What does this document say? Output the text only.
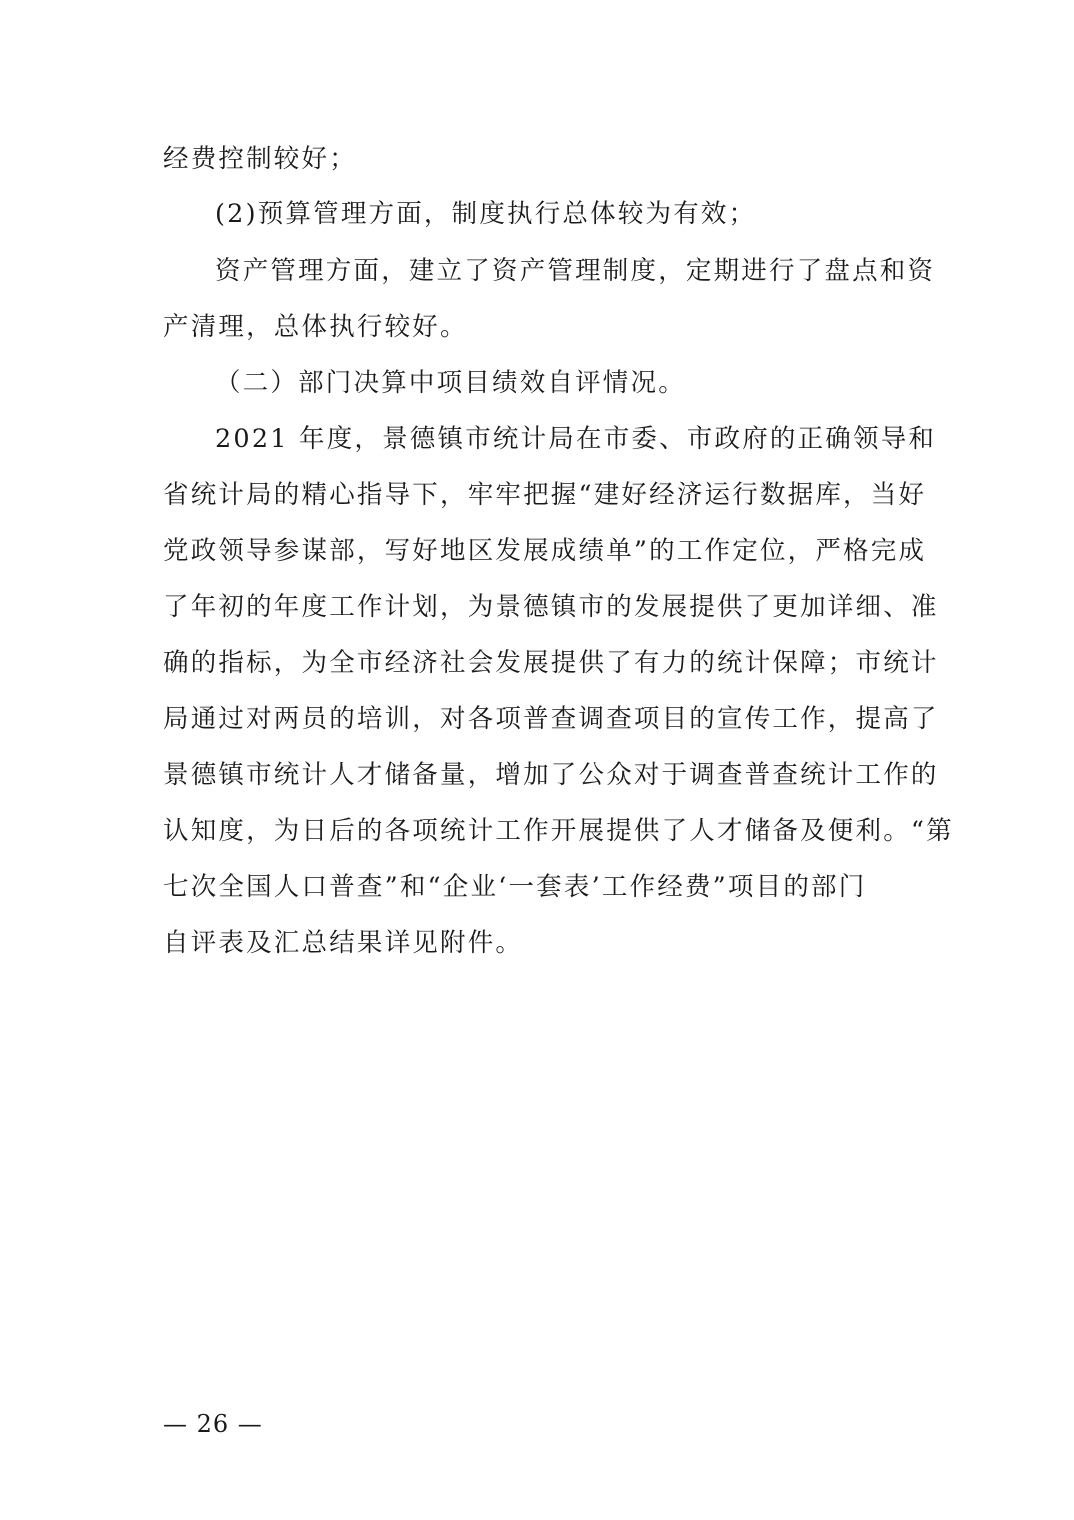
经费控制较好；
(2)预算管理方面，制度执行总体较为有效；
资产管理方面，建立了资产管理制度，定期进行了盘点和资
产清理，总体执行较好。
（二）部门决算中项目绩效自评情况。
2021 年度，景德镇市统计局在市委、市政府的正确领导和
省统计局的精心指导下，牢牢把握“建好经济运行数据库，当好
党政领导参谋部，写好地区发展成绩单”的工作定位，严格完成
了年初的年度工作计划，为景德镇市的发展提供了更加详细、准
确的指标，为全市经济社会发展提供了有力的统计保障；市统计
局通过对两员的培训，对各项普查调查项目的宣传工作，提高了
景德镇市统计人才储备量，增加了公众对于调查普查统计工作的
认知度，为日后的各项统计工作开展提供了人才储备及便利。“第
七次全国人口普查”和“企业‘一套表’工作经费”项目的部门
自评表及汇总结果详见附件。
— 26 —
